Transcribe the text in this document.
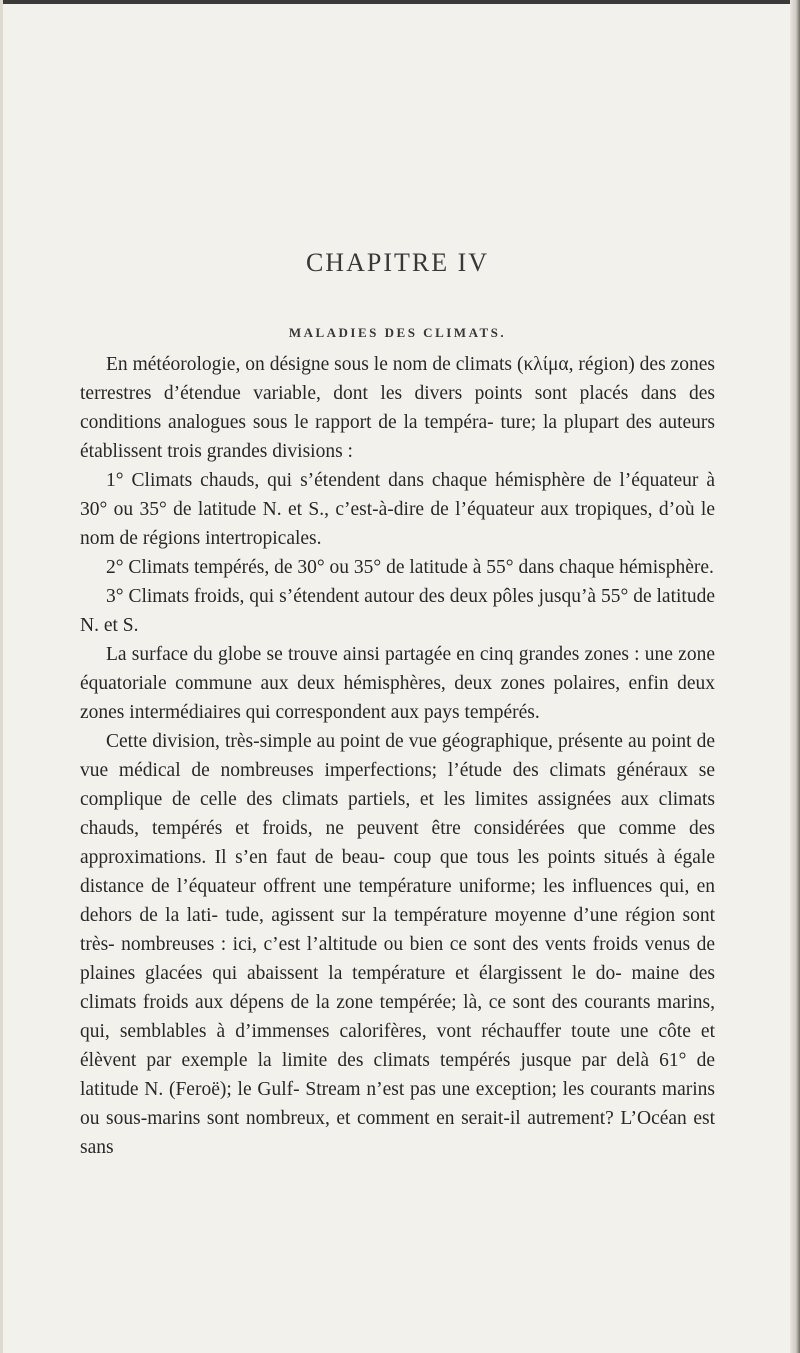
CHAPITRE IV
MALADIES DES CLIMATS.

En météorologie, on désigne sous le nom de climats (κλίμα, région) des zones terrestres d’étendue variable, dont les divers points sont placés dans des conditions analogues sous le rapport de la tempéra- ture; la plupart des auteurs établissent trois grandes divisions :

1° Climats chauds, qui s’étendent dans chaque hémisphère de l’équateur à 30° ou 35° de latitude N. et S., c’est-à-dire de l’équateur aux tropiques, d’où le nom de régions intertropicales.

2° Climats tempérés, de 30° ou 35° de latitude à 55° dans chaque hémisphère.

3° Climats froids, qui s’étendent autour des deux pôles jusqu’à 55° de latitude N. et S.

La surface du globe se trouve ainsi partagée en cinq grandes zones : une zone équatoriale commune aux deux hémisphères, deux zones polaires, enfin deux zones intermédiaires qui correspondent aux pays tempérés.

Cette division, très-simple au point de vue géographique, présente au point de vue médical de nombreuses imperfections; l’étude des climats généraux se complique de celle des climats partiels, et les limites assignées aux climats chauds, tempérés et froids, ne peuvent être considérées que comme des approximations. Il s’en faut de beau- coup que tous les points situés à égale distance de l’équateur offrent une température uniforme; les influences qui, en dehors de la lati- tude, agissent sur la température moyenne d’une région sont très- nombreuses : ici, c’est l’altitude ou bien ce sont des vents froids venus de plaines glacées qui abaissent la température et élargissent le do- maine des climats froids aux dépens de la zone tempérée; là, ce sont des courants marins, qui, semblables à d’immenses calorifères, vont réchauffer toute une côte et élèvent par exemple la limite des climats tempérés jusque par delà 61° de latitude N. (Feroë); le Gulf- Stream n’est pas une exception; les courants marins ou sous-marins sont nombreux, et comment en serait-il autrement? L’Océan est sans
